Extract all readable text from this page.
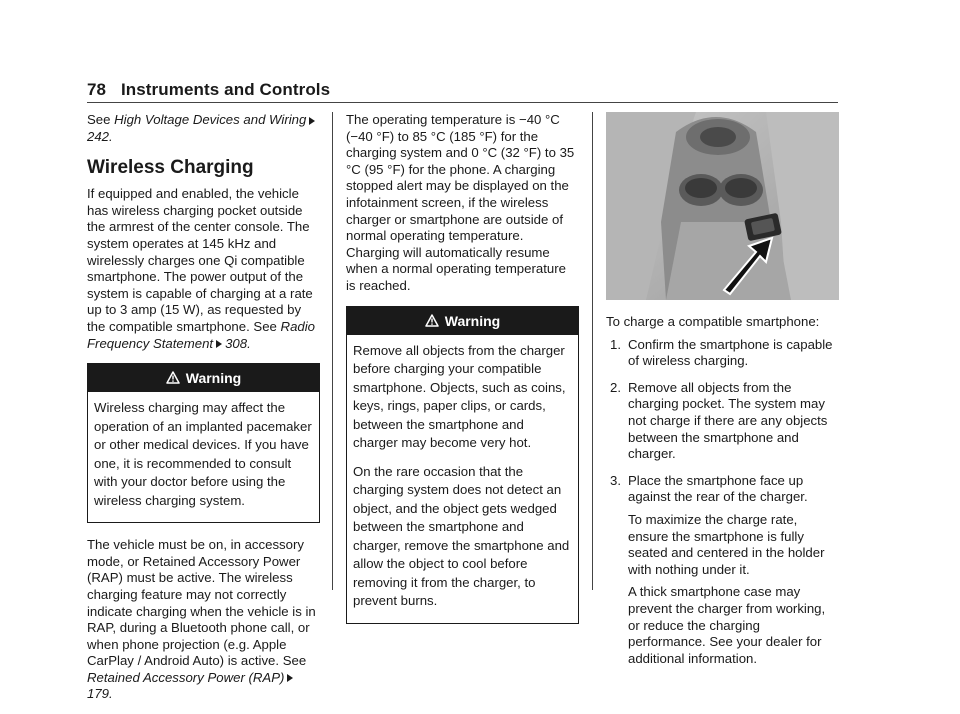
78 Instruments and Controls

See High Voltage Devices and Wiring242.

Wireless Charging

If equipped and enabled, the vehicle has wireless charging pocket outside the armrest of the center console. The system operates at 145 kHz and wirelessly charges one Qi compatible smartphone. The power output of the system is capable of charging at a rate up to 3 amp (15 W), as requested by the compatible smartphone. See Radio Frequency Statement 308.

Warning

Wireless charging may affect the operation of an implanted pacemaker or other medical devices. If you have one, it is recommended to consult with your doctor before using the wireless charging system.

The vehicle must be on, in accessory mode, or Retained Accessory Power (RAP) must be active. The wireless charging feature may not correctly indicate charging when the vehicle is in RAP, during a Bluetooth phone call, or when phone projection (e.g. Apple CarPlay / Android Auto) is active. See Retained Accessory Power (RAP)179.

The operating temperature is −40 °C (−40 °F) to 85 °C (185 °F) for the charging system and 0 °C (32 °F) to 35 °C (95 °F) for the phone. A charging stopped alert may be displayed on the infotainment screen, if the wireless charger or smartphone are outside of normal operating temperature. Charging will automatically resume when a normal operating temperature is reached.

Warning

Remove all objects from the charger before charging your compatible smartphone. Objects, such as coins, keys, rings, paper clips, or cards, between the smartphone and charger may become very hot.

On the rare occasion that the charging system does not detect an object, and the object gets wedged between the smartphone and charger, remove the smartphone and allow the object to cool before removing it from the charger, to prevent burns.

To charge a compatible smartphone:

1. Confirm the smartphone is capable of wireless charging.
2. Remove all objects from the charging pocket. The system may not charge if there are any objects between the smartphone and charger.
3. Place the smartphone face up against the rear of the charger.

To maximize the charge rate, ensure the smartphone is fully seated and centered in the holder with nothing under it.

A thick smartphone case may prevent the charger from working, or reduce the charging performance. See your dealer for additional information.
